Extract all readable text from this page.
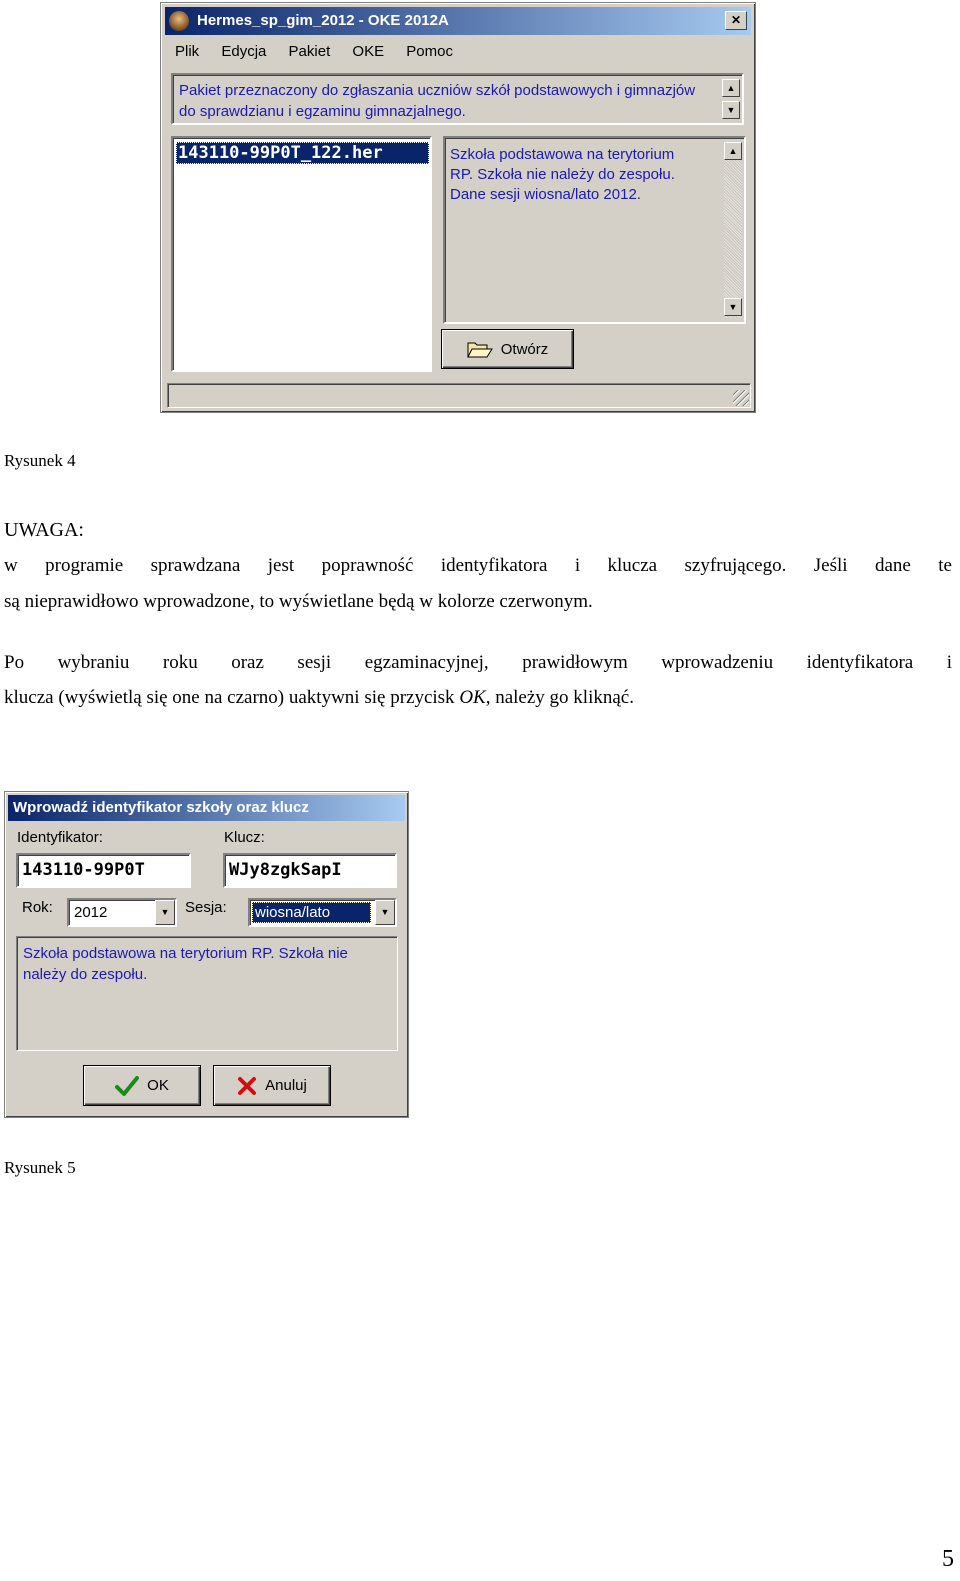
Hermes_sp_gim_2012 - OKE 2012A	✕
Plik Edycja Pakiet OKE Pomoc
Pakiet przeznaczony do zgłaszania uczniów szkół podstawowych i gimnazjów do sprawdzianu i egzaminu gimnazjalnego.
▲
▼
143110-99P0T_122.her	Szkoła podstawowa na terytorium
RP. Szkoła nie należy do zespołu.
Dane sesji wiosna/lato 2012.
▲
▼
Otwórz
Rysunek 4
UWAGA:
w programie sprawdzana jest poprawność identyfikatora i klucza szyfrującego. Jeśli dane te
są nieprawidłowo wprowadzone, to wyświetlane będą w kolorze czerwonym.
Po wybraniu roku oraz sesji egzaminacyjnej, prawidłowym wprowadzeniu identyfikatora i
klucza (wyświetlą się one na czarno) uaktywni się przycisk OK, należy go kliknąć.
Wprowadź identyfikator szkoły oraz klucz
Identyfikator:
143110-99P0T
Klucz:
WJy8zgkSapI
Rok: 2012	▼	Sesja: wiosna/lato	▼
Szkoła podstawowa na terytorium RP. Szkoła nie
należy do zespołu.
OK	Anuluj
Rysunek 5
5
